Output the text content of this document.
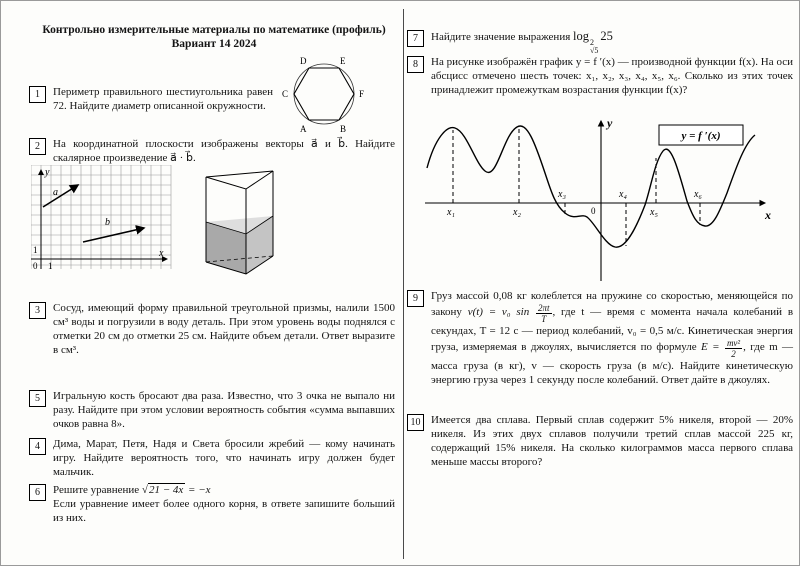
Контрольно измерительные материалы по математике (профиль)
Вариант 14 2024
1	Периметр правильного шестиугольника равен 72. Найдите диаметр описанной окружности.
D	E
C	F
A	B
2	На координатной плоскости изображены векторы a⃗ и b⃗. Найдите скалярное произведение a⃗ · b⃗.
a⃗
b⃗
y
x
0 1
1
3	Сосуд, имеющий форму правильной треугольной призмы, налили 1500 см³ воды и погрузили в воду деталь. При этом уровень воды поднялся с отметки 20 см до отметки 25 см. Найдите объем детали. Ответ выразите в см³.
5	Игральную кость бросают два раза. Известно, что 3 очка не выпало ни разу. Найдите при этом условии вероятность события «сумма выпавших очков равна 8».
4	Дима, Марат, Петя, Надя и Света бросили жребий — кому начинать игру. Найдите вероятность того, что начинать игру должен будет мальчик.
6	Решите уравнение √21 − 4x = −x
Если уравнение имеет более одного корня, в ответе запишите больший из них.
7	Найдите значение выражения log 2
√5
25
8	На рисунке изображён график y = f ′(x) — производной функции f(x). На оси абсцисс отмечено шесть точек: x₁, x₂, x₃, x₄, x₅, x₆. Сколько из этих точек принадлежит промежуткам возрастания функции f(x)?
y
x
0
x₁	x₂
x₃	x₄
x₅
x₆
y = f ′(x)
9	Груз массой 0,08 кг колеблется на пружине со скоростью, меняющейся по закону v(t) = v₀ $\sin \frac{2\pi t}{T}$ , где t — время с момента начала колебаний в секундах, T = 12 с — период колебаний, v₀ = 0,5 м/с. Кинетическая энергия груза, измеряемая в джоулях, вычисляется по формуле $E = \frac{\text{mv²}}{2}$ , где m — масса груза (в кг), v — скорость груза (в м/с). Найдите кинетическую энергию груза через 1 секунду после колебаний. Ответ дайте в джоулях.
10 Имеется два сплава. Первый сплав содержит 5% никеля, второй — 20% никеля. Из этих двух сплавов получили третий сплав массой 225 кг, содержащий 15% никеля. На сколько килограммов масса первого сплава меньше массы второго?
